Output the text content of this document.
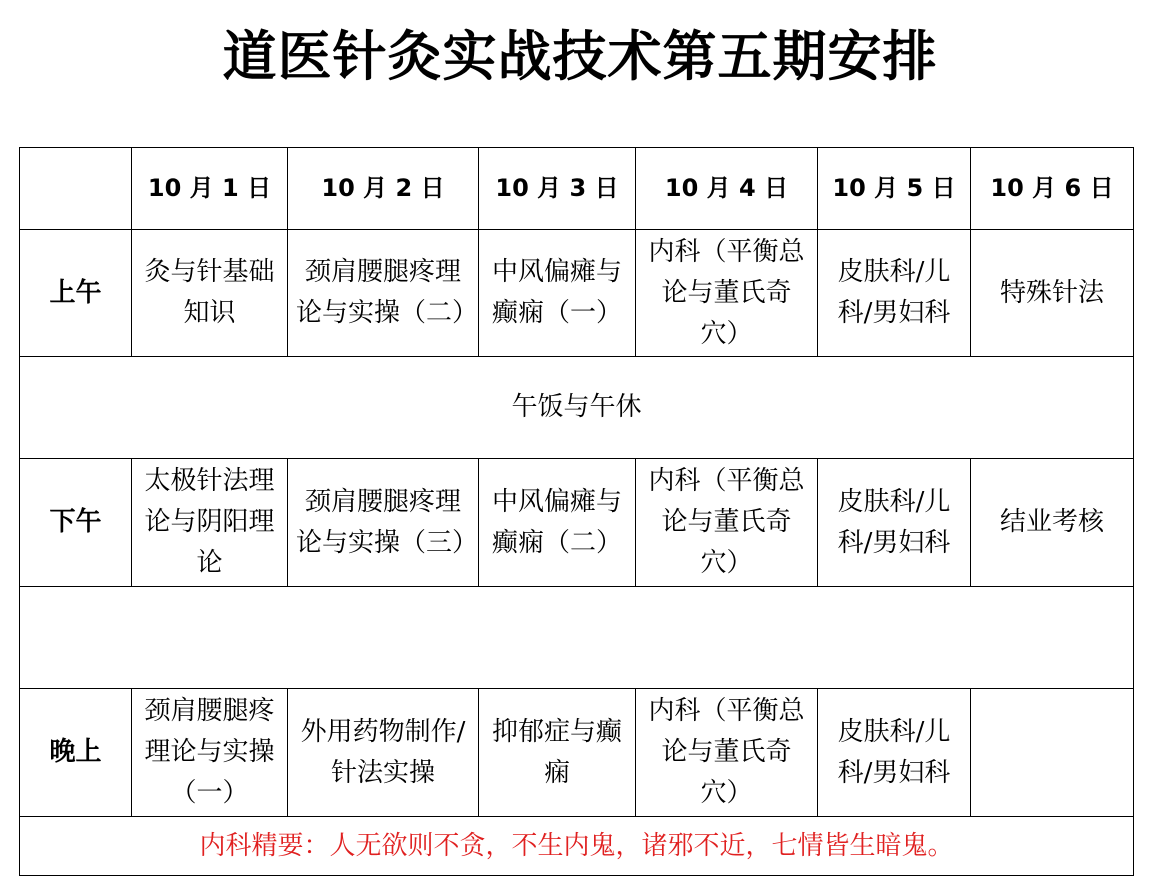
道医针灸实战技术第五期安排
	10 月 1 日	10 月 2 日	10 月 3 日	10 月 4 日	10 月 5 日	10 月 6 日
上午	灸与针基础知识	颈肩腰腿疼理论与实操（二）	中风偏瘫与癫痫（一）	内科（平衡总论与董氏奇穴）	皮肤科/儿科/男妇科	特殊针法
午饭与午休						
下午	太极针法理论与阴阳理论	颈肩腰腿疼理论与实操（三）	中风偏瘫与癫痫（二）	内科（平衡总论与董氏奇穴）	皮肤科/儿科/男妇科	结业考核

晚上	颈肩腰腿疼理论与实操（一）	外用药物制作/针法实操	抑郁症与癫痫	内科（平衡总论与董氏奇穴）	皮肤科/儿科/男妇科	
内科精要：人无欲则不贪，不生内鬼，诸邪不近，七情皆生暗鬼。						
